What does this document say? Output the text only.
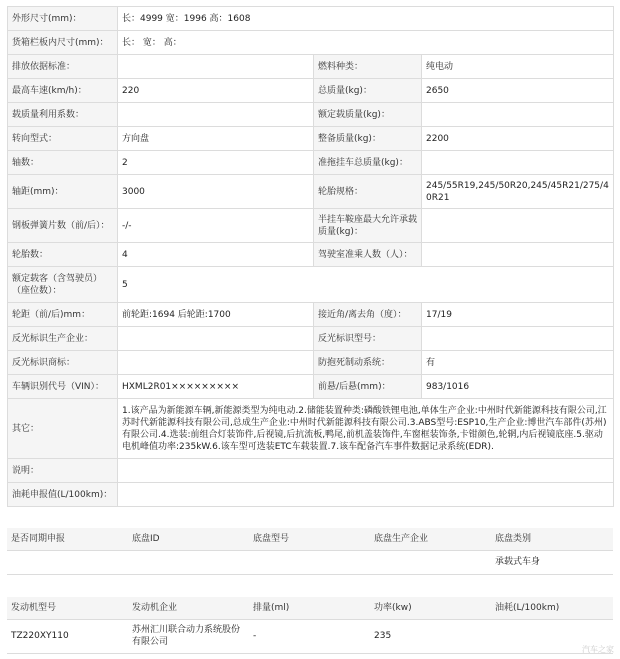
外形尺寸(mm)：	长：4999 宽：1996 高：1608		
货箱栏板内尺寸(mm)：	长： 宽： 高：		
排放依据标准：		燃料种类：	纯电动
最高车速(km/h)：	220	总质量(kg)：	2650
载质量利用系数：		额定载质量(kg)：	
转向型式：	方向盘	整备质量(kg)：	2200
轴数：	2	准拖挂车总质量(kg)：	
轴距(mm)：	3000	轮胎规格：	245/55R19,245/50R20,245/45R21/275/40R21
钢板弹簧片数（前/后）：	-/-	半挂车鞍座最大允许承载质量(kg)：	
轮胎数：	4	驾驶室准乘人数（人）：	
额定载客（含驾驶员）（座位数）：	5		
轮距（前/后)mm：	前轮距:1694 后轮距:1700	接近角/离去角（度）：	17/19
反光标识生产企业：		反光标识型号：	
反光标识商标：		防抱死制动系统：	有
车辆识别代号（VIN）：	HXML2R01×××××××××	前悬/后悬(mm)：	983/1016
其它：	1.该产品为新能源车辆,新能源类型为纯电动.2.储能装置种类:磷酸铁锂电池,单体生产企业:中州时代新能源科技有限公司,江苏时代新能源科技有限公司,总成生产企业:中州时代新能源科技有限公司.3.ABS型号:ESP10,生产企业:博世汽车部件(苏州)有限公司.4.选装:前组合灯装饰件,后视镜,后抗流板,鸭尾,前机盖装饰件,车窗框装饰条,卡钳颜色,轮辋,内后视镜底座.5.驱动电机峰值功率:235kW.6.该车型可选装ETC车载装置.7.该车配备汽车事件数据记录系统(EDR).		
说明：			
油耗申报值(L/100km)：			
是否同期申报	底盘ID	底盘型号	底盘生产企业	底盘类别
				承载式车身
发动机型号	发动机企业	排量(ml)	功率(kw)	油耗(L/100km)
TZ220XY110	苏州汇川联合动力系统股份有限公司	-	235	
汽车之家
